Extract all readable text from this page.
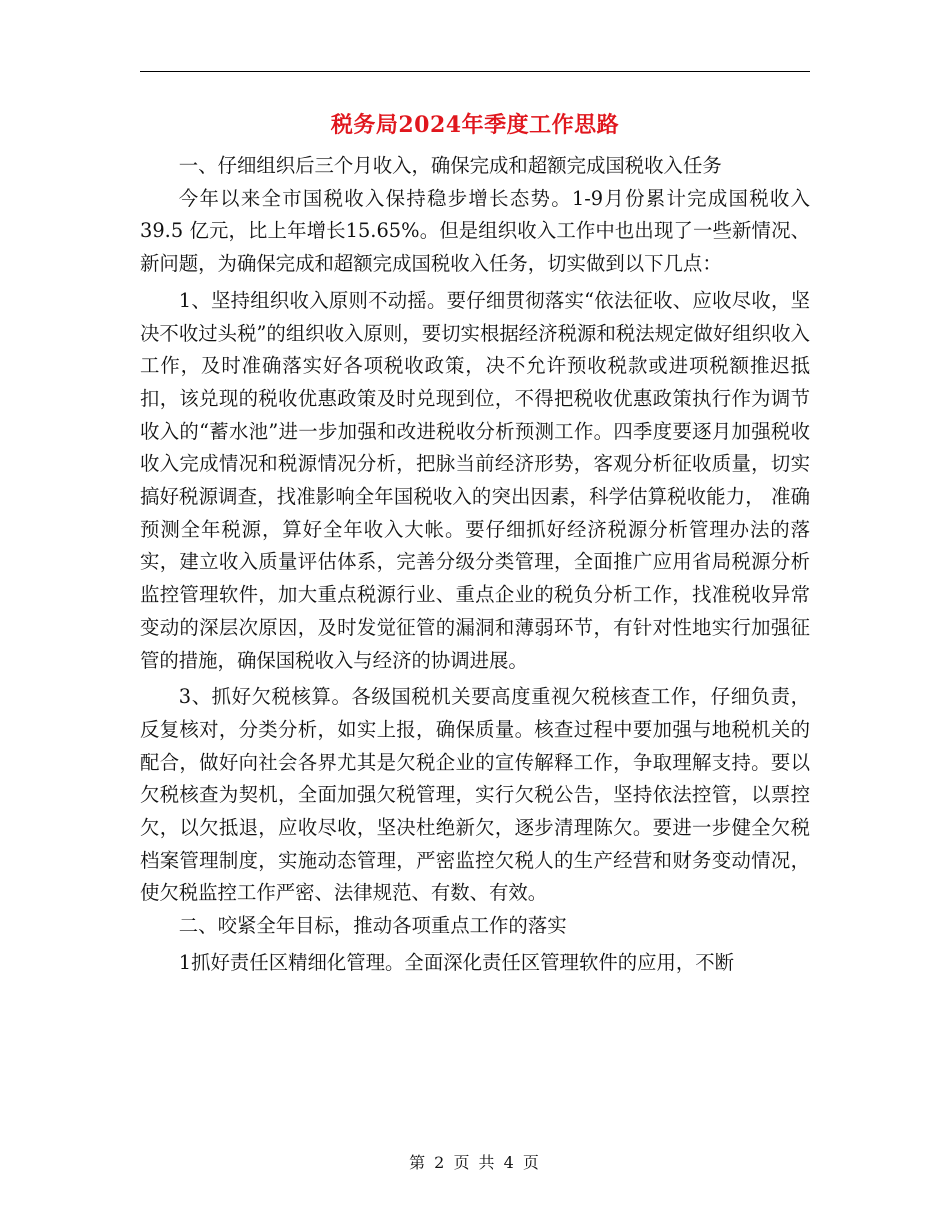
税务局2024年季度工作思路

一、仔细组织后三个月收入，确保完成和超额完成国税收入任务

今年以来全市国税收入保持稳步增长态势。1-9月份累计完成国税收入39.5 亿元，比上年增长15.65%。但是组织收入工作中也出现了一些新情况、新问题，为确保完成和超额完成国税收入任务，切实做到以下几点：

1、坚持组织收入原则不动摇。要仔细贯彻落实“依法征收、应收尽收，坚决不收过头税”的组织收入原则，要切实根据经济税源和税法规定做好组织收入工作，及时准确落实好各项税收政策，决不允许预收税款或进项税额推迟抵扣，该兑现的税收优惠政策及时兑现到位，不得把税收优惠政策执行作为调节收入的“蓄水池”进一步加强和改进税收分析预测工作。四季度要逐月加强税收收入完成情况和税源情况分析，把脉当前经济形势，客观分析征收质量，切实搞好税源调查，找准影响全年国税收入的突出因素，科学估算税收能力， 准确预测全年税源，算好全年收入大帐。要仔细抓好经济税源分析管理办法的落实，建立收入质量评估体系，完善分级分类管理，全面推广应用省局税源分析监控管理软件，加大重点税源行业、重点企业的税负分析工作，找准税收异常变动的深层次原因，及时发觉征管的漏洞和薄弱环节，有针对性地实行加强征管的措施，确保国税收入与经济的协调进展。

3、抓好欠税核算。各级国税机关要高度重视欠税核查工作，仔细负责，反复核对，分类分析，如实上报，确保质量。核查过程中要加强与地税机关的配合，做好向社会各界尤其是欠税企业的宣传解释工作，争取理解支持。要以欠税核查为契机，全面加强欠税管理，实行欠税公告，坚持依法控管，以票控欠，以欠抵退，应收尽收，坚决杜绝新欠，逐步清理陈欠。要进一步健全欠税档案管理制度，实施动态管理，严密监控欠税人的生产经营和财务变动情况，使欠税监控工作严密、法律规范、有数、有效。

二、咬紧全年目标，推动各项重点工作的落实

1抓好责任区精细化管理。全面深化责任区管理软件的应用，不断

第 2 页 共 4 页
